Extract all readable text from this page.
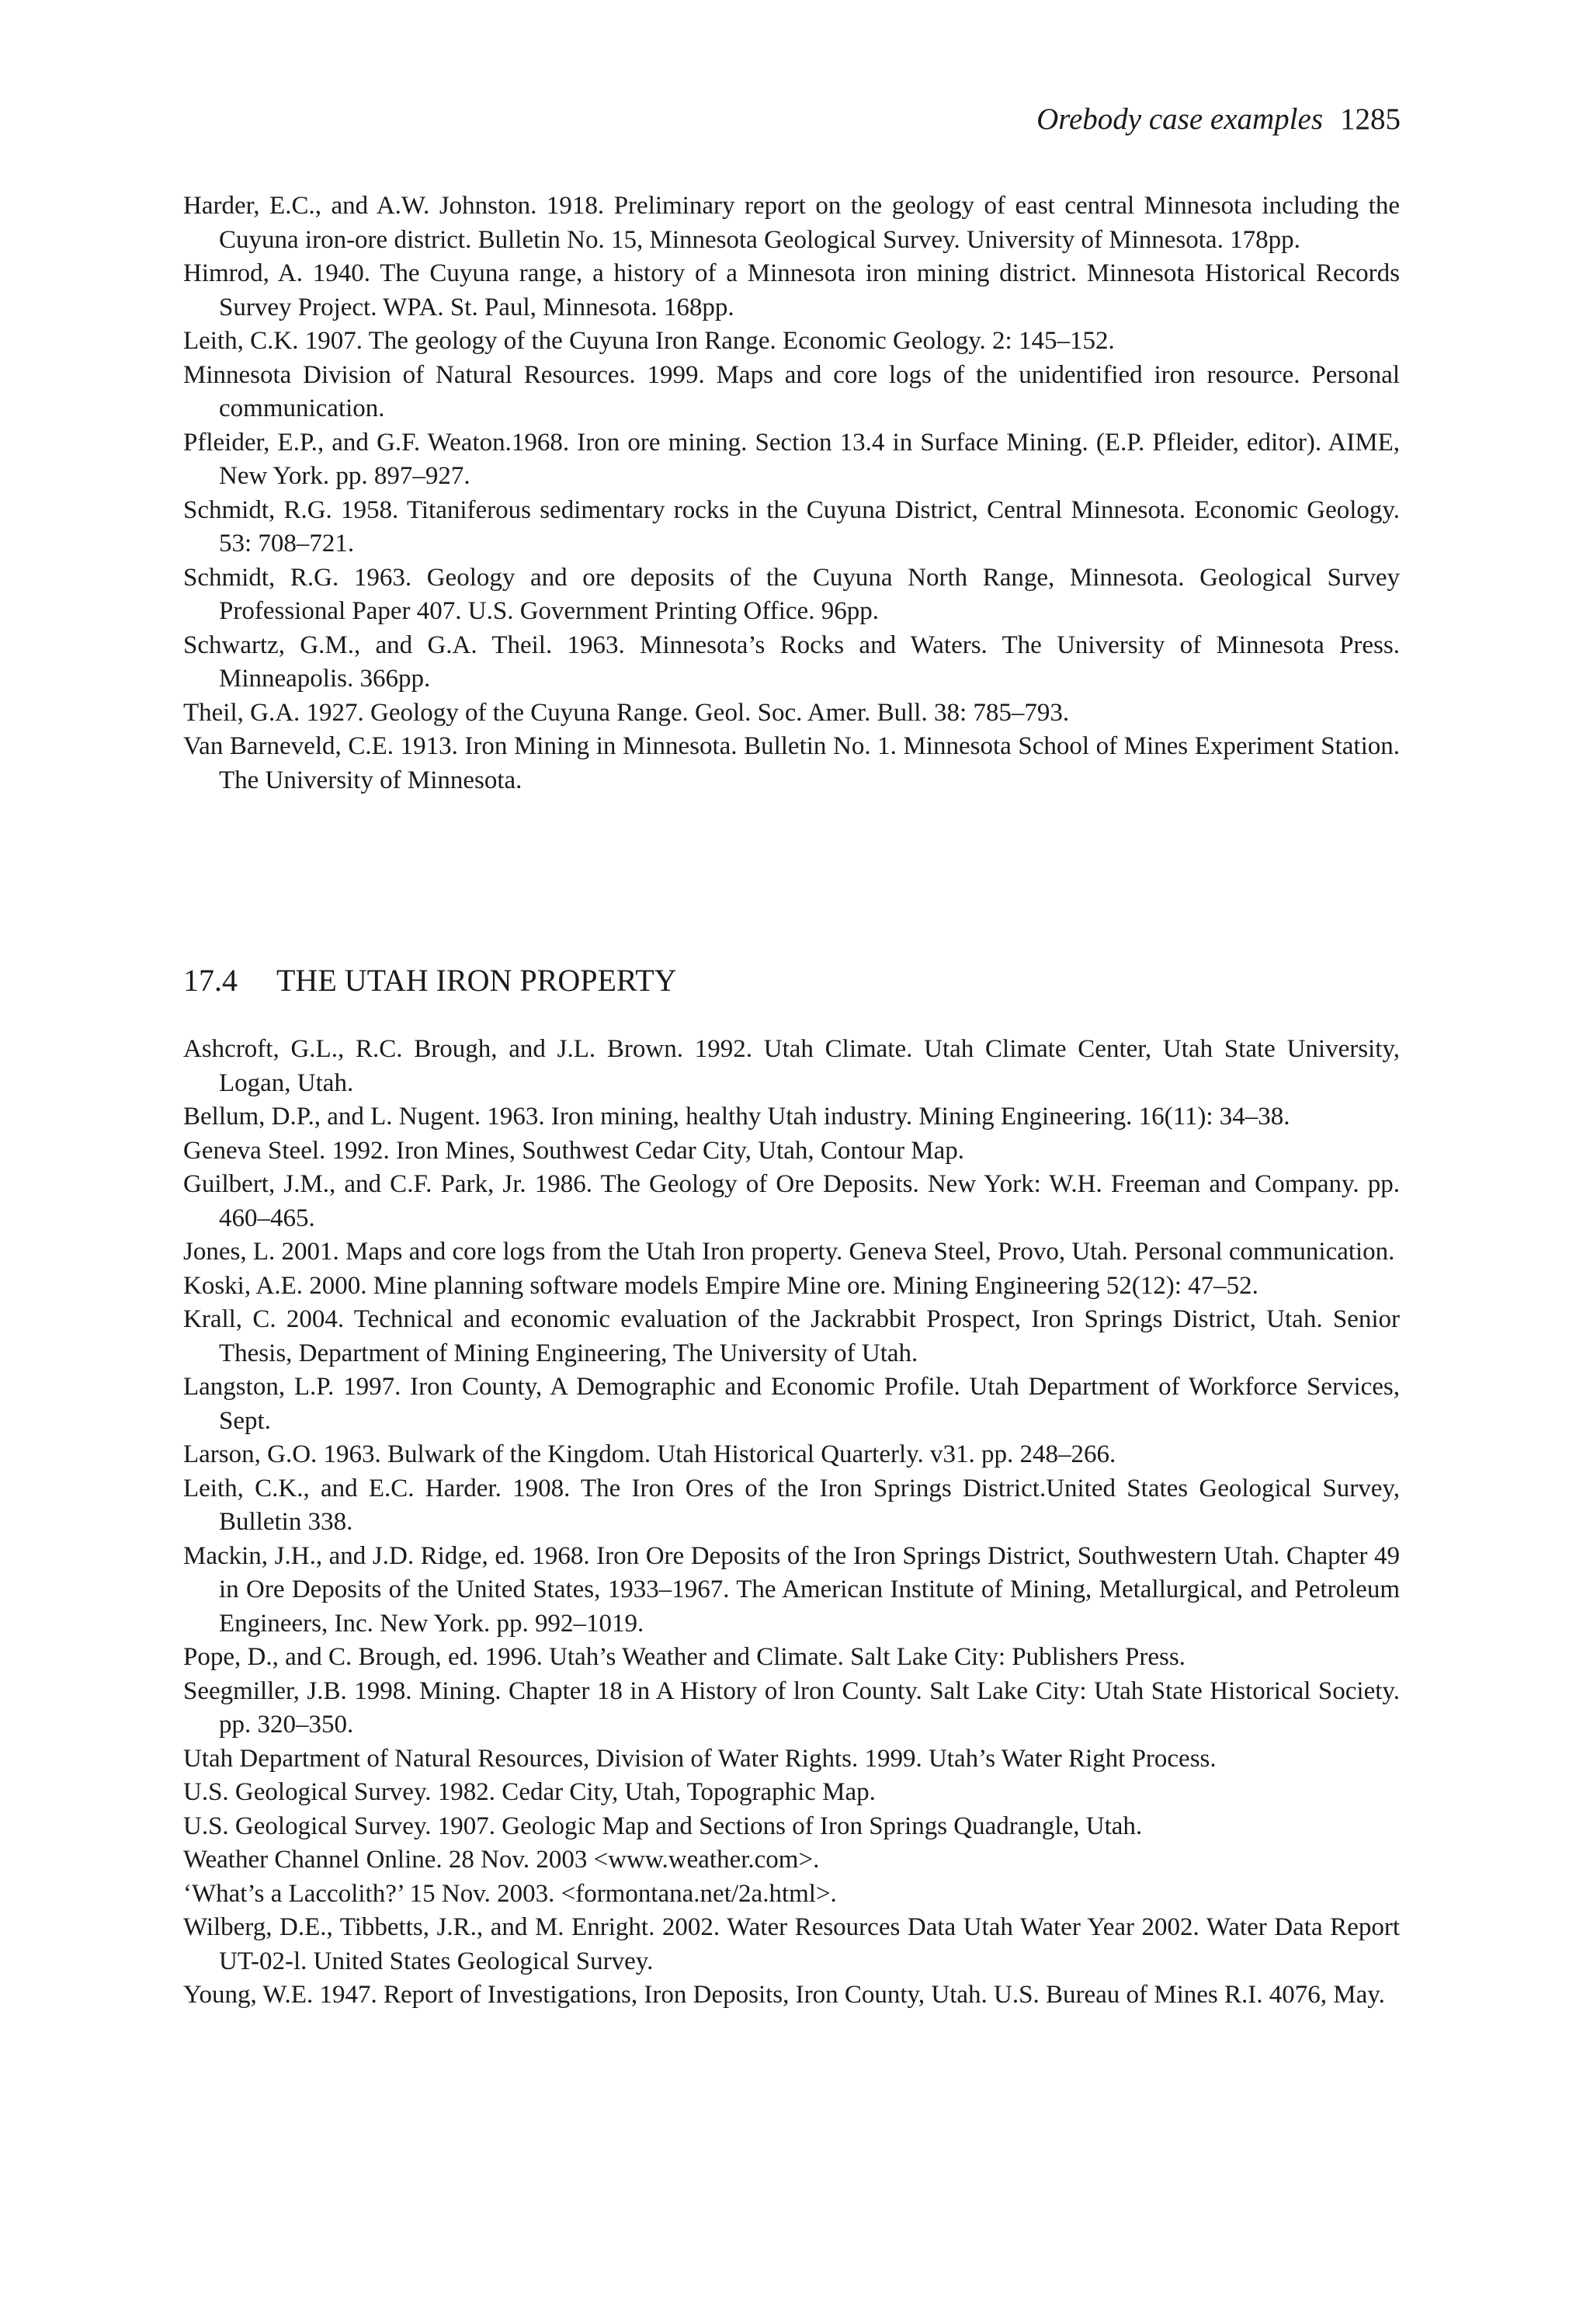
Orebody case examples 1285
Harder, E.C., and A.W. Johnston. 1918. Preliminary report on the geology of east central Minnesota including the Cuyuna iron-ore district. Bulletin No. 15, Minnesota Geological Survey. University of Minnesota. 178pp.
Himrod, A. 1940. The Cuyuna range, a history of a Minnesota iron mining district. Minnesota Historical Records Survey Project. WPA. St. Paul, Minnesota. 168pp.
Leith, C.K. 1907. The geology of the Cuyuna Iron Range. Economic Geology. 2: 145–152.
Minnesota Division of Natural Resources. 1999. Maps and core logs of the unidentified iron resource. Personal communication.
Pfleider, E.P., and G.F. Weaton.1968. Iron ore mining. Section 13.4 in Surface Mining. (E.P. Pfleider, editor). AIME, New York. pp. 897–927.
Schmidt, R.G. 1958. Titaniferous sedimentary rocks in the Cuyuna District, Central Minnesota. Economic Geology. 53: 708–721.
Schmidt, R.G. 1963. Geology and ore deposits of the Cuyuna North Range, Minnesota. Geological Survey Professional Paper 407. U.S. Government Printing Office. 96pp.
Schwartz, G.M., and G.A. Theil. 1963. Minnesota’s Rocks and Waters. The University of Minnesota Press. Minneapolis. 366pp.
Theil, G.A. 1927. Geology of the Cuyuna Range. Geol. Soc. Amer. Bull. 38: 785–793.
Van Barneveld, C.E. 1913. Iron Mining in Minnesota. Bulletin No. 1. Minnesota School of Mines Experiment Station. The University of Minnesota.
17.4 THE UTAH IRON PROPERTY
Ashcroft, G.L., R.C. Brough, and J.L. Brown. 1992. Utah Climate. Utah Climate Center, Utah State University, Logan, Utah.
Bellum, D.P., and L. Nugent. 1963. Iron mining, healthy Utah industry. Mining Engineering. 16(11): 34–38.
Geneva Steel. 1992. Iron Mines, Southwest Cedar City, Utah, Contour Map.
Guilbert, J.M., and C.F. Park, Jr. 1986. The Geology of Ore Deposits. New York: W.H. Freeman and Company. pp. 460–465.
Jones, L. 2001. Maps and core logs from the Utah Iron property. Geneva Steel, Provo, Utah. Personal communication.
Koski, A.E. 2000. Mine planning software models Empire Mine ore. Mining Engineering 52(12): 47–52.
Krall, C. 2004. Technical and economic evaluation of the Jackrabbit Prospect, Iron Springs District, Utah. Senior Thesis, Department of Mining Engineering, The University of Utah.
Langston, L.P. 1997. Iron County, A Demographic and Economic Profile. Utah Department of Workforce Services, Sept.
Larson, G.O. 1963. Bulwark of the Kingdom. Utah Historical Quarterly. v31. pp. 248–266.
Leith, C.K., and E.C. Harder. 1908. The Iron Ores of the Iron Springs District.United States Geological Survey, Bulletin 338.
Mackin, J.H., and J.D. Ridge, ed. 1968. Iron Ore Deposits of the Iron Springs District, Southwestern Utah. Chapter 49 in Ore Deposits of the United States, 1933–1967. The American Institute of Mining, Metallurgical, and Petroleum Engineers, Inc. New York. pp. 992–1019.
Pope, D., and C. Brough, ed. 1996. Utah’s Weather and Climate. Salt Lake City: Publishers Press.
Seegmiller, J.B. 1998. Mining. Chapter 18 in A History of lron County. Salt Lake City: Utah State Historical Society. pp. 320–350.
Utah Department of Natural Resources, Division of Water Rights. 1999. Utah’s Water Right Process.
U.S. Geological Survey. 1982. Cedar City, Utah, Topographic Map.
U.S. Geological Survey. 1907. Geologic Map and Sections of Iron Springs Quadrangle, Utah.
Weather Channel Online. 28 Nov. 2003 <www.weather.com>.
‘What’s a Laccolith?’ 15 Nov. 2003. <formontana.net/2a.html>.
Wilberg, D.E., Tibbetts, J.R., and M. Enright. 2002. Water Resources Data Utah Water Year 2002. Water Data Report UT-02-l. United States Geological Survey.
Young, W.E. 1947. Report of Investigations, Iron Deposits, Iron County, Utah. U.S. Bureau of Mines R.I. 4076, May.
